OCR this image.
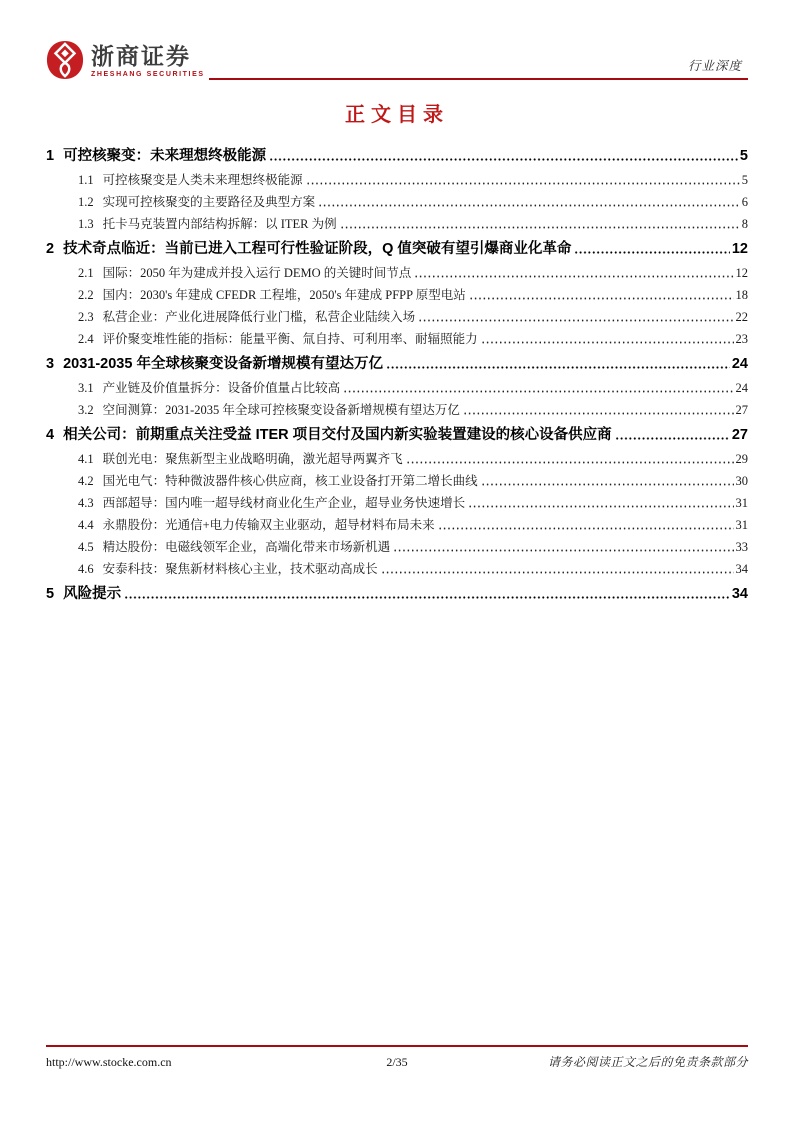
浙商证券
ZHESHANG SECURITIES
行业深度
正文目录
1 可控核聚变：未来理想终极能源	5
1.1 可控核聚变是人类未来理想终极能源	5
1.2 实现可控核聚变的主要路径及典型方案	6
1.3 托卡马克装置内部结构拆解：以 ITER 为例	8
2 技术奇点临近：当前已进入工程可行性验证阶段，Q 值突破有望引爆商业化革命	12
2.1 国际：2050 年为建成并投入运行 DEMO 的关键时间节点	12
2.2 国内：2030's 年建成 CFEDR 工程堆，2050's 年建成 PFPP 原型电站	18
2.3 私营企业：产业化进展降低行业门槛，私营企业陆续入场	22
2.4 评价聚变堆性能的指标：能量平衡、氚自持、可利用率、耐辐照能力	23
3 2031-2035 年全球核聚变设备新增规模有望达万亿	24
3.1 产业链及价值量拆分：设备价值量占比较高	24
3.2 空间测算：2031-2035 年全球可控核聚变设备新增规模有望达万亿	27
4 相关公司：前期重点关注受益 ITER 项目交付及国内新实验装置建设的核心设备供应商	27
4.1 联创光电：聚焦新型主业战略明确，激光超导两翼齐飞	29
4.2 国光电气：特种微波器件核心供应商，核工业设备打开第二增长曲线	30
4.3 西部超导：国内唯一超导线材商业化生产企业，超导业务快速增长	31
4.4 永鼎股份：光通信+电力传输双主业驱动，超导材料布局未来	31
4.5 精达股份：电磁线领军企业，高端化带来市场新机遇	33
4.6 安泰科技：聚焦新材料核心主业，技术驱动高成长	34
5 风险提示	34
http://www.stocke.com.cn	2/35	请务必阅读正文之后的免责条款部分
